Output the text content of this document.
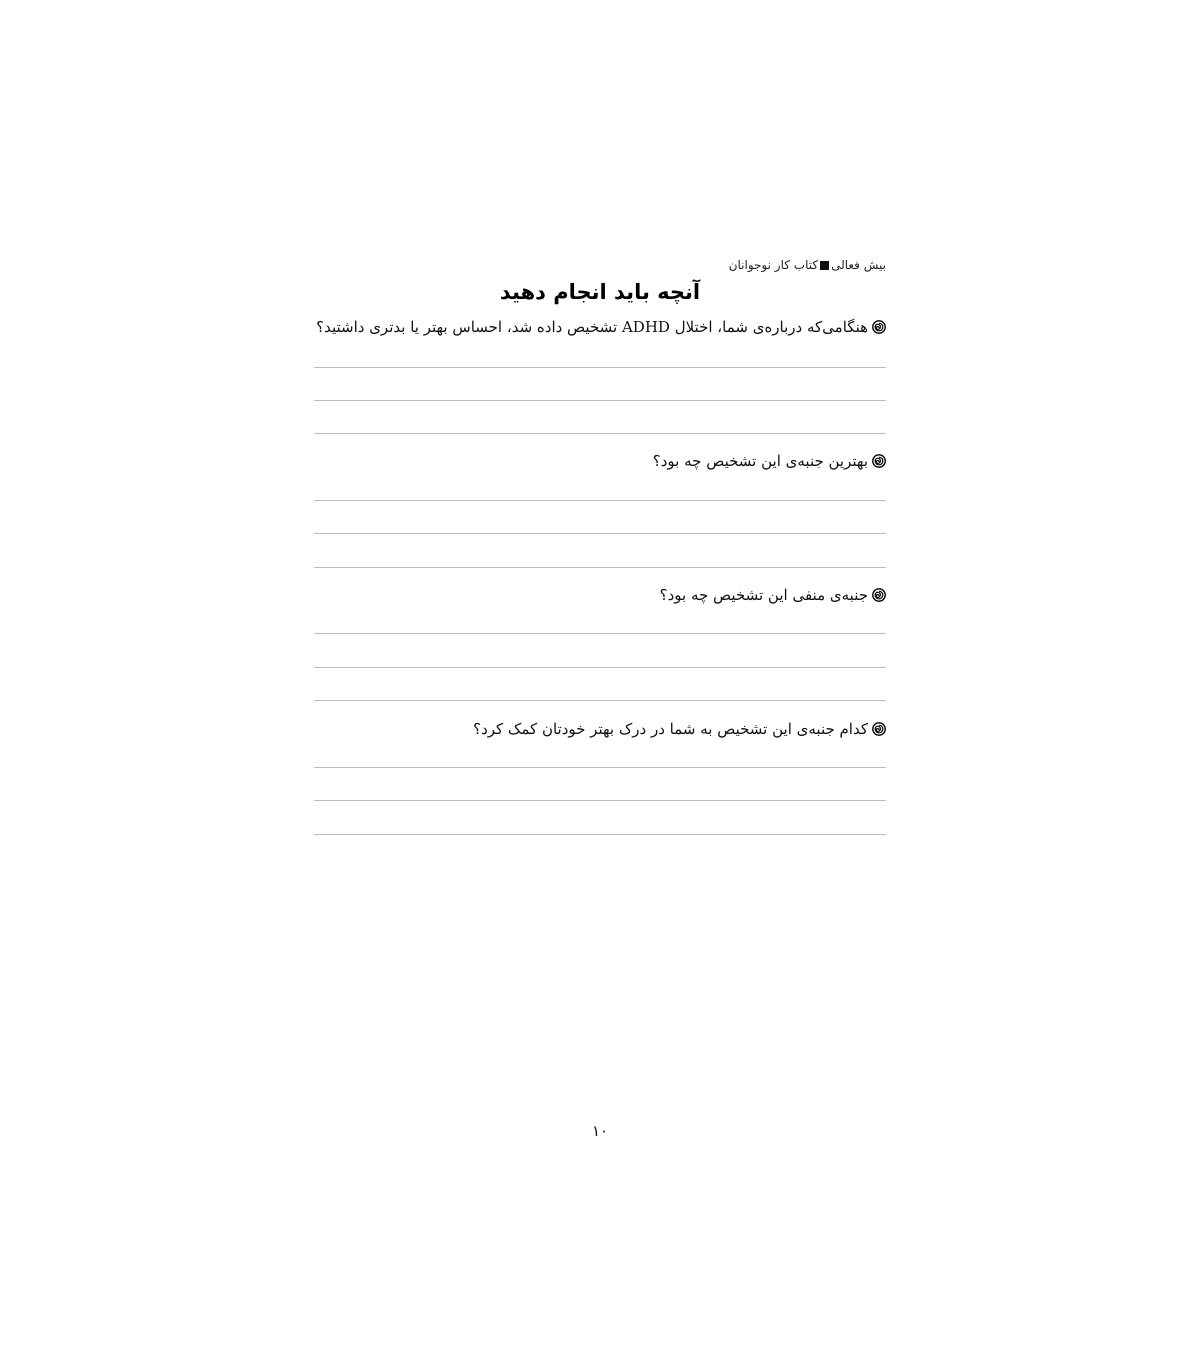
بیش فعالی
کتاب کار نوجوانان
آنچه باید انجام دهید
هنگامی‌که درباره‌ی شما، اختلال ADHD تشخیص داده شد، احساس بهتر یا بدتری داشتید؟
بهترین جنبه‌ی این تشخیص چه بود؟
جنبه‌ی منفی این تشخیص چه بود؟
کدام جنبه‌ی این تشخیص به شما در درک بهتر خودتان کمک کرد؟
۱۰
